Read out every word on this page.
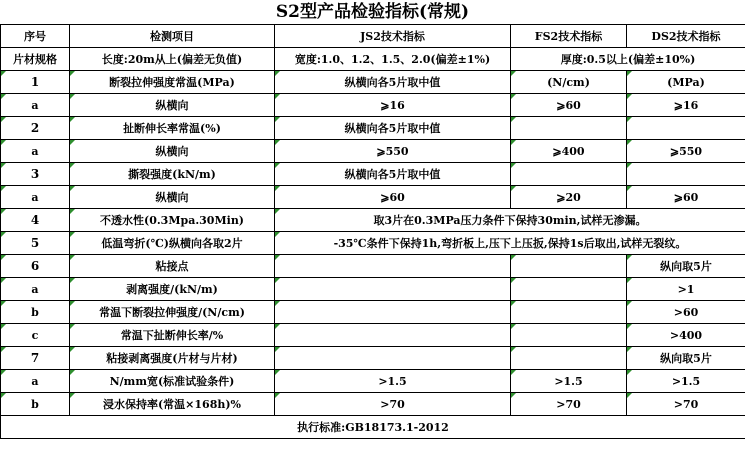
S2型产品检验指标(常规)
序号	检测项目	JS2技术指标	FS2技术指标	DS2技术指标
片材规格	长度:20m从上(偏差无负值)	宽度:1.0、1.2、1.5、2.0(偏差±1%)	厚度:0.5以上(偏差±10%)	
1	断裂拉伸强度常温(MPa)	纵横向各5片取中值	(N/cm)	(MPa)
a	纵横向	⩾16	⩾60	⩾16
2	扯断伸长率常温(%)	纵横向各5片取中值		
a	纵横向	⩾550	⩾400	⩾550
3	撕裂强度(kN/m)	纵横向各5片取中值		
a	纵横向	⩾60	⩾20	⩾60
4	不透水性(0.3Mpa.30Min)	取3片在0.3MPa压力条件下保持30min,试样无渗漏。		
5	低温弯折(℃)纵横向各取2片	-35℃条件下保持1h,弯折板上,压下上压扳,保持1s后取出,试样无裂纹。		
6	粘接点			纵向取5片
a	剥离强度/(kN/m)			>1
b	常温下断裂拉伸强度/(N/cm)			>60
c	常温下扯断伸长率/%			>400
7	粘接剥离强度(片材与片材)			纵向取5片
a	N/mm宽(标准试验条件)	>1.5	>1.5	>1.5
b	浸水保持率(常温×168h)%	>70	>70	>70
执行标准:GB18173.1-2012				
